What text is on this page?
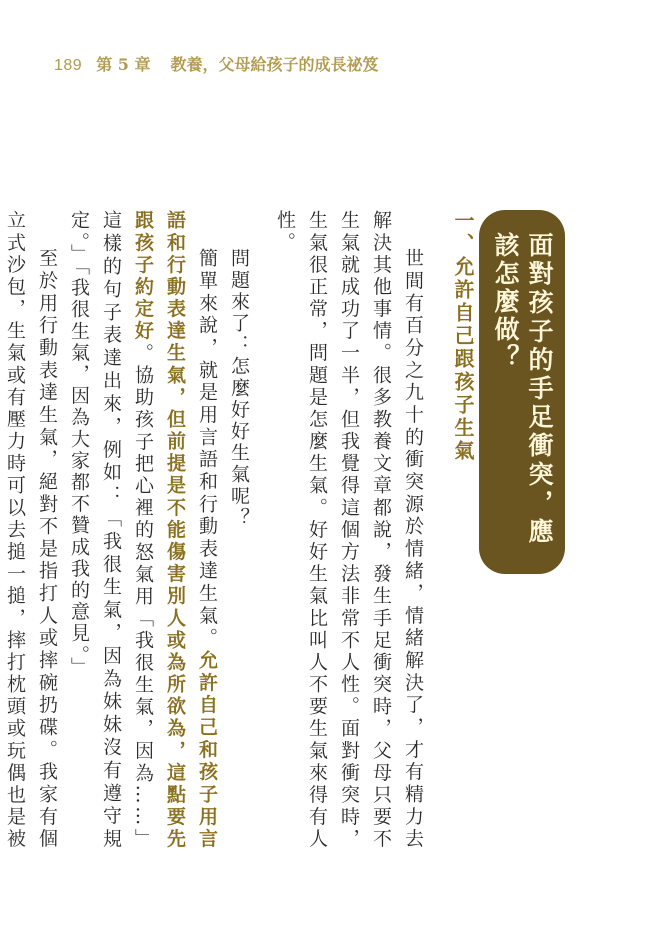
189 第 5 章 教養，父母給孩子的成長祕笈
面對孩子的手足衝突，應該怎麼做？

一、允許自己跟孩子生氣

世間有百分之九十的衝突源於情緒，情緒解決了，才有精力去解決其他事情。很多教養文章都說，發生手足衝突時，父母只要不生氣就成功了一半，但我覺得這個方法非常不人性。面對衝突時，生氣很正常，問題是怎麼生氣。好好生氣比叫人不要生氣來得有人性。

問題來了：怎麼好好生氣呢？

簡單來說，就是用言語和行動表達生氣。允許自己和孩子用言語和行動表達生氣，但前提是不能傷害別人或為所欲為，這點要先跟孩子約定好。協助孩子把心裡的怒氣用「我很生氣，因為……」這樣的句子表達出來，例如：「我很生氣，因為妹妹沒有遵守規定。」「我很生氣，因為大家都不贊成我的意見。」

至於用行動表達生氣，絕對不是指打人或摔碗扔碟。我家有個立式沙包，生氣或有壓力時可以去搥一搥，摔打枕頭或玩偶也是被
